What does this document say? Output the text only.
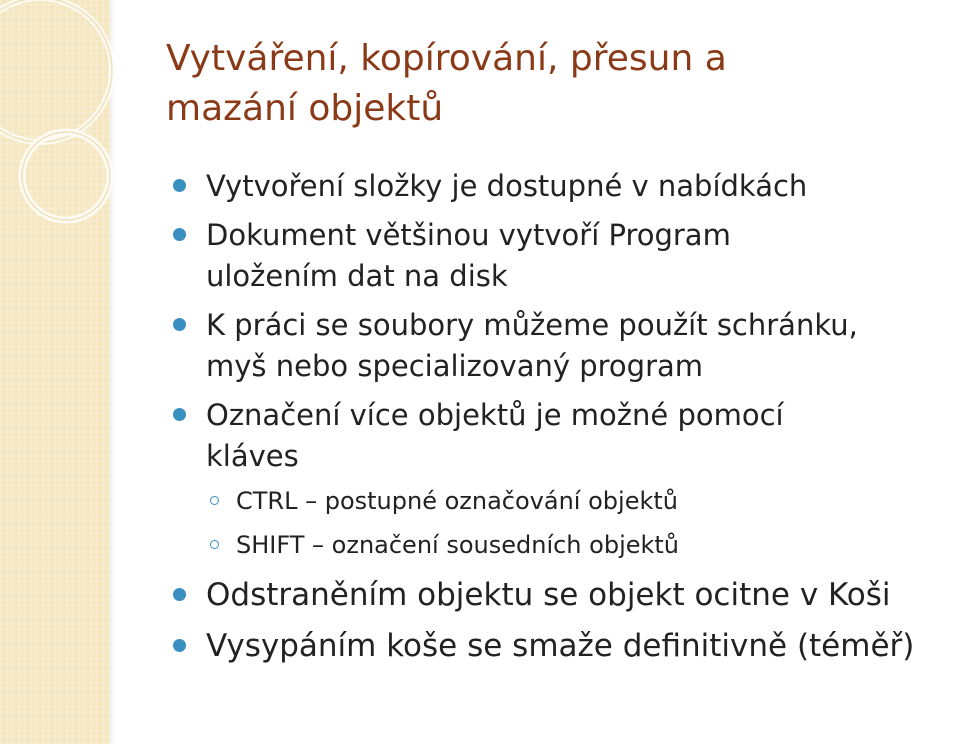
Vytváření, kopírování, přesun a
mazání objektů
Vytvoření složky je dostupné v nabídkách
Dokument většinou vytvoří Program
uložením dat na disk
K práci se soubory můžeme použít schránku,
myš nebo specializovaný program
Označení více objektů je možné pomocí
kláves
CTRL – postupné označování objektů
SHIFT – označení sousedních objektů
Odstraněním objektu se objekt ocitne v Koši
Vysypáním koše se smaže definitivně (téměř)
